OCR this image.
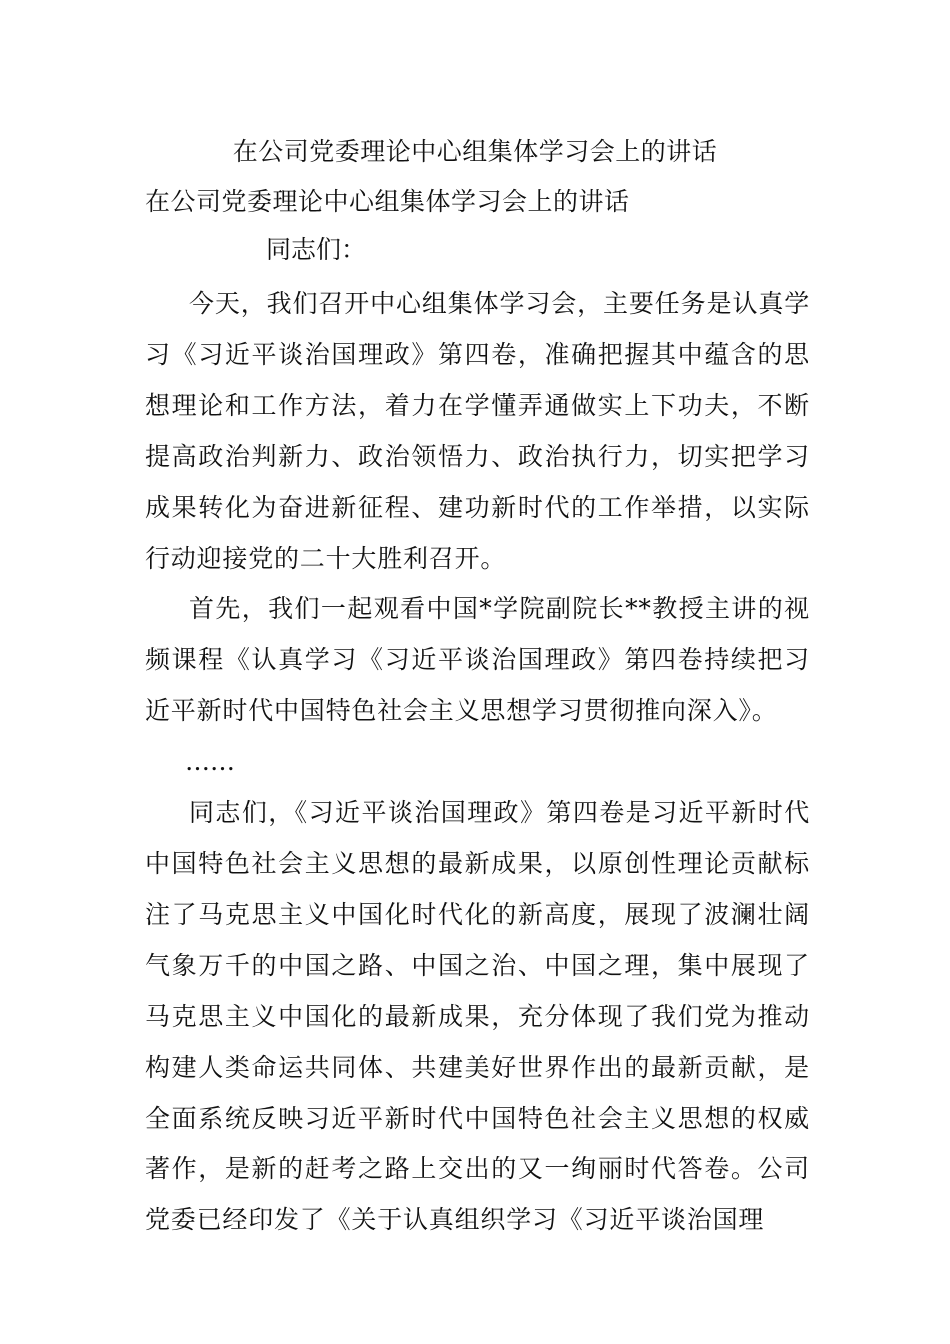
在公司党委理论中心组集体学习会上的讲话
在公司党委理论中心组集体学习会上的讲话
同志们：

今天，我们召开中心组集体学习会，主要任务是认真学习《习近平谈治国理政》第四卷，准确把握其中蕴含的思想理论和工作方法，着力在学懂弄通做实上下功夫，不断提高政治判新力、政治领悟力、政治执行力，切实把学习成果转化为奋进新征程、建功新时代的工作举措，以实际行动迎接党的二十大胜利召开。

首先，我们一起观看中国*学院副院长**教授主讲的视频课程《认真学习《习近平谈治国理政》第四卷持续把习近平新时代中国特色社会主义思想学习贯彻推向深入》。

……

同志们，《习近平谈治国理政》第四卷是习近平新时代中国特色社会主义思想的最新成果，以原创性理论贡献标注了马克思主义中国化时代化的新高度，展现了波澜壮阔气象万千的中国之路、中国之治、中国之理，集中展现了马克思主义中国化的最新成果，充分体现了我们党为推动构建人类命运共同体、共建美好世界作出的最新贡献，是全面系统反映习近平新时代中国特色社会主义思想的权威著作，是新的赶考之路上交出的又一绚丽时代答卷。公司党委已经印发了《关于认真组织学习《习近平谈治国理
